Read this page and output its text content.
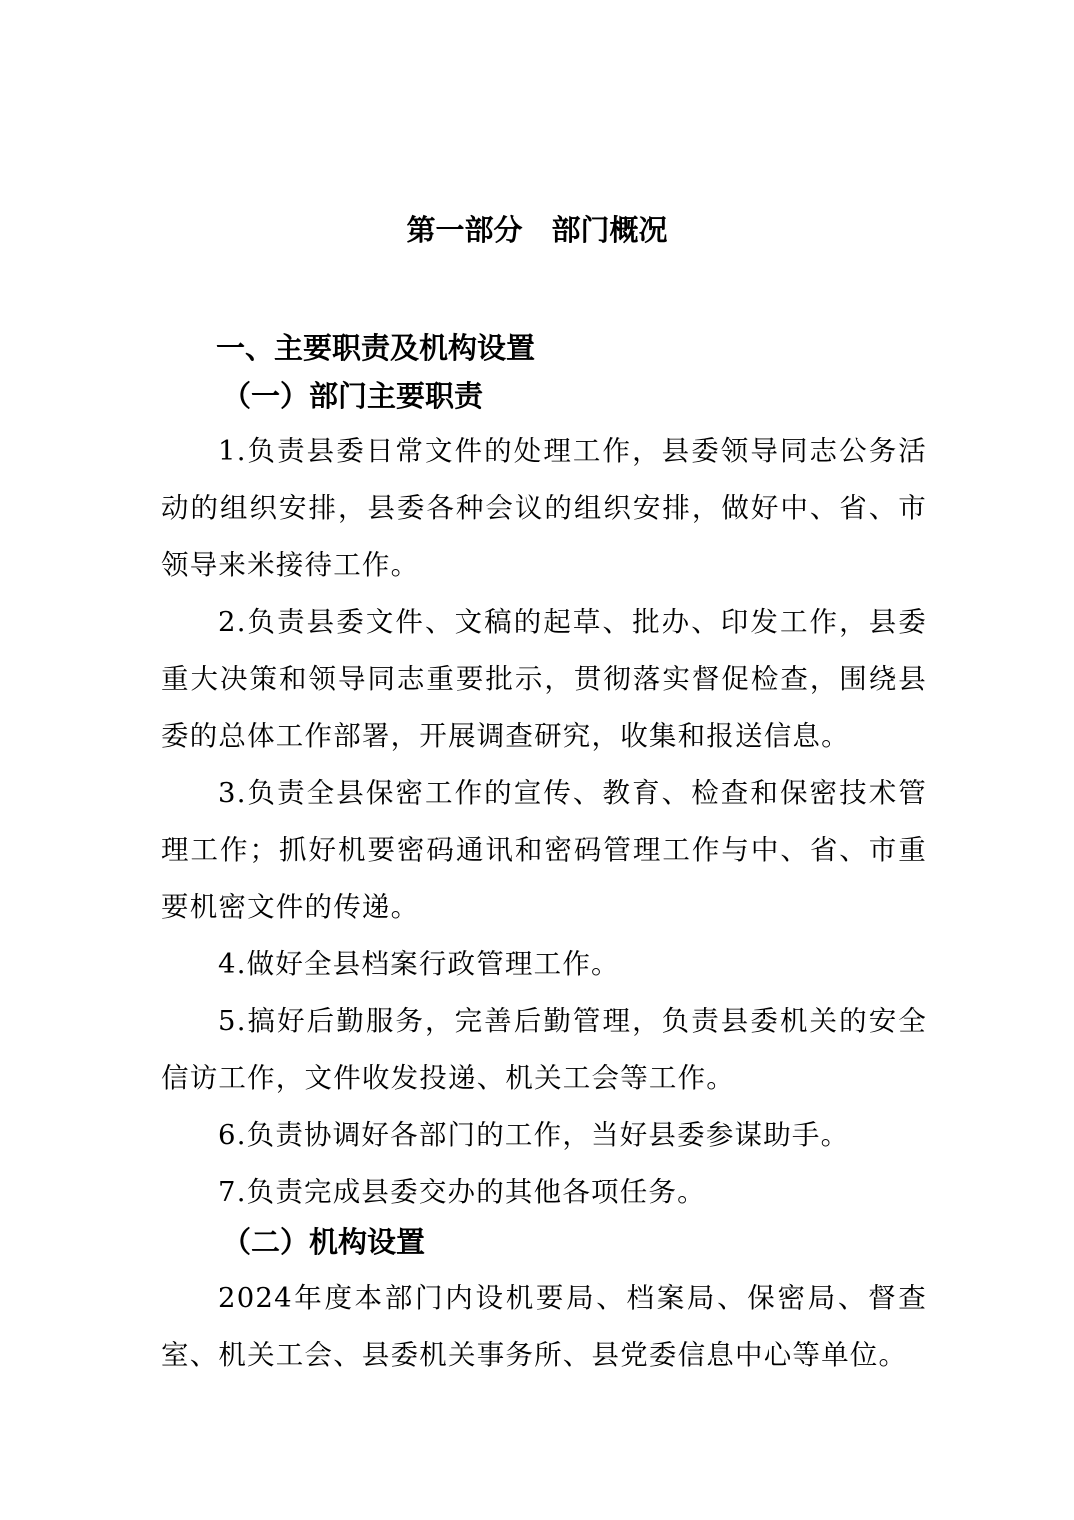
第一部分　部门概况
一、主要职责及机构设置
（一）部门主要职责

1.负责县委日常文件的处理工作，县委领导同志公务活动的组织安排，县委各种会议的组织安排，做好中、省、市领导来米接待工作。

2.负责县委文件、文稿的起草、批办、印发工作，县委重大决策和领导同志重要批示，贯彻落实督促检查，围绕县委的总体工作部署，开展调查研究，收集和报送信息。

3.负责全县保密工作的宣传、教育、检查和保密技术管理工作；抓好机要密码通讯和密码管理工作与中、省、市重要机密文件的传递。

4.做好全县档案行政管理工作。

5.搞好后勤服务，完善后勤管理，负责县委机关的安全信访工作，文件收发投递、机关工会等工作。

6.负责协调好各部门的工作，当好县委参谋助手。

7.负责完成县委交办的其他各项任务。

（二）机构设置

2024年度本部门内设机要局、档案局、保密局、督查室、机关工会、县委机关事务所、县党委信息中心等单位。
